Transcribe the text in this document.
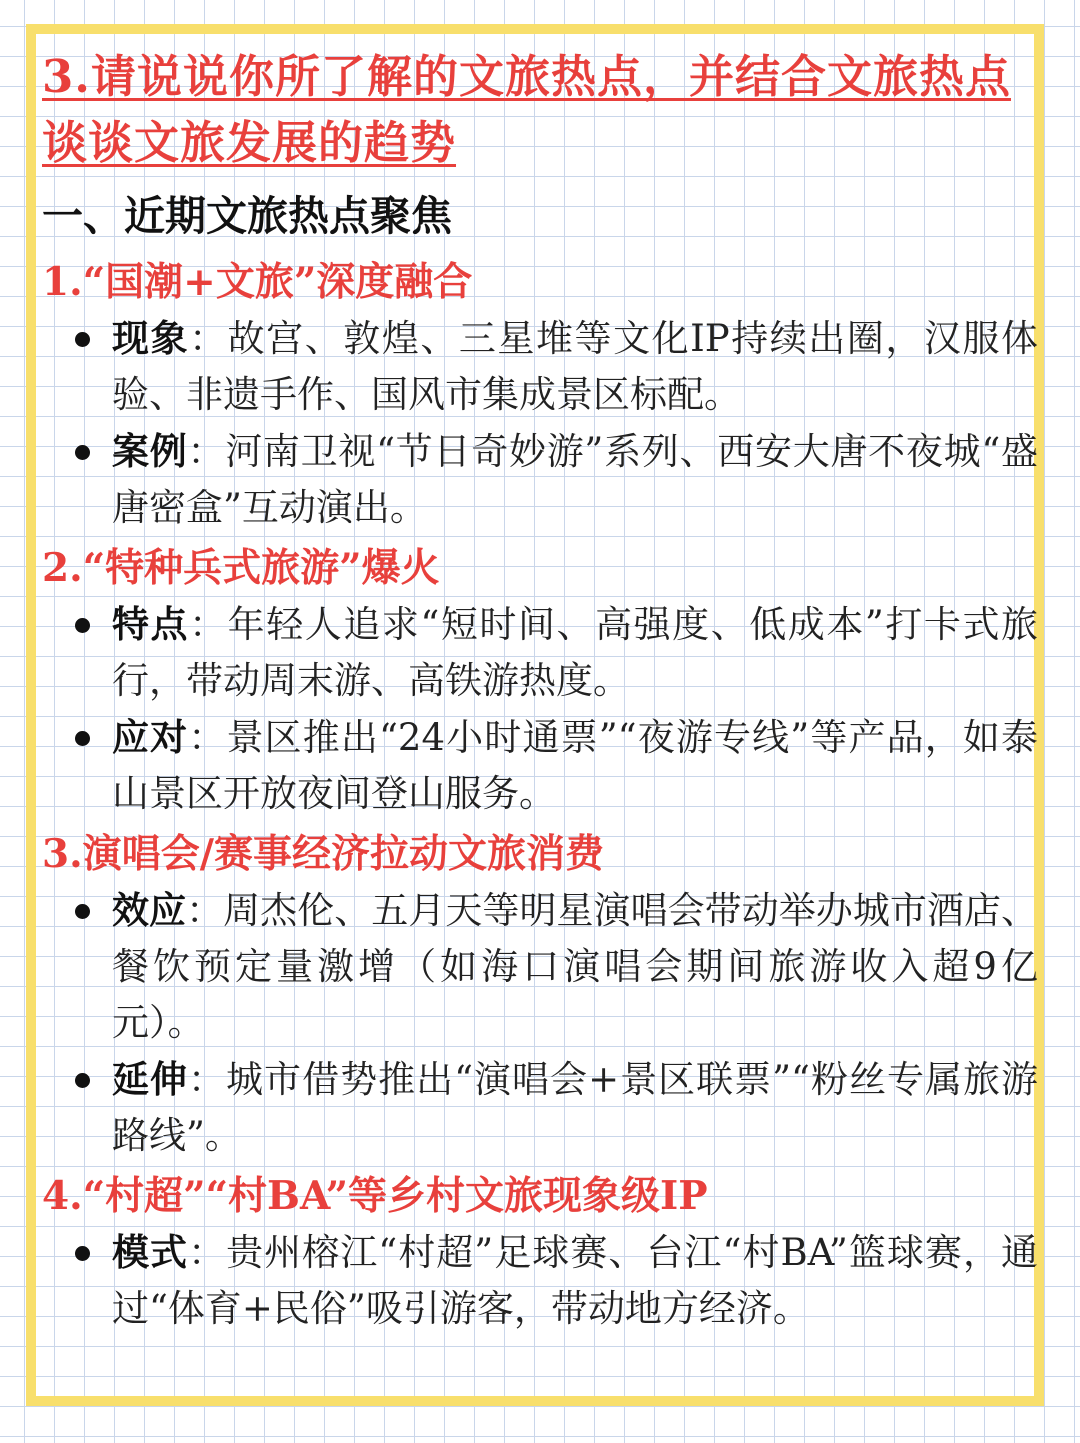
3.请说说你所了解的文旅热点，并结合文旅热点谈谈文旅发展的趋势
一、近期文旅热点聚焦
1.“国潮+文旅”深度融合
现象：故宫、敦煌、三星堆等文化IP持续出圈，汉服体验、非遗手作、国风市集成景区标配。
案例：河南卫视“节日奇妙游”系列、西安大唐不夜城“盛唐密盒”互动演出。
2.“特种兵式旅游”爆火
特点：年轻人追求“短时间、高强度、低成本”打卡式旅行，带动周末游、高铁游热度。
应对：景区推出“24小时通票”“夜游专线”等产品，如泰山景区开放夜间登山服务。
3.演唱会/赛事经济拉动文旅消费
效应：周杰伦、五月天等明星演唱会带动举办城市酒店、餐饮预定量激增（如海口演唱会期间旅游收入超9亿元）。
延伸：城市借势推出“演唱会+景区联票”“粉丝专属旅游路线”。
4.“村超”“村BA”等乡村文旅现象级IP
模式：贵州榕江“村超”足球赛、台江“村BA”篮球赛，通过“体育+民俗”吸引游客，带动地方经济。
